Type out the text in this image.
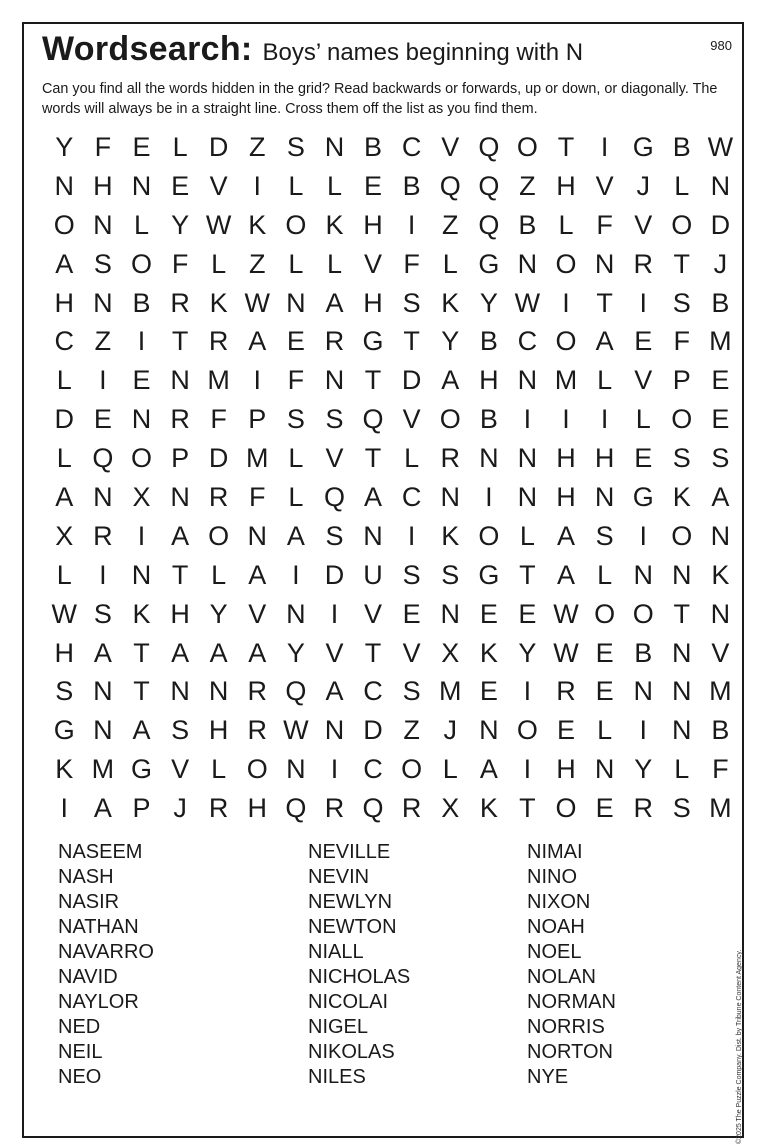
Wordsearch: Boys’ names beginning with N	980
Can you find all the words hidden in the grid? Read backwards or forwards, up or down, or diagonally. The words will always be in a straight line. Cross them off the list as you find them.
Y F E L D Z S N B C V Q O T I G B W
N H N E V I	L L E B Q Q Z H V J L N
O N L Y W K O K H I Z Q B L F V O D
A S O F L Z L L V F L G N O N R T J
H N B R K W N A H S K Y W I T I S B
C Z I T R A E R G T Y B C O A E F M
L	I E N M I F N T D A H N M L V P E
D E N R F P S S Q V O B I	I	I	L O E
L Q O P D M L V T L R N N H H E S S
A N X N R F L Q A C N I N H N G K A
X R I A O N A S N I K O L A S I O N
L	I N T L A I D U S S G T A L N N K
W S K H Y V N I V E N E E W O O T N
H A T A A A Y V T V X K Y W E B N V
S N T N N R Q A C S M E I R E N N M
G N A S H R W N D Z J N O E L	I N B
K M G V L O N I C O L A I H N Y L F
I A P J R H Q R Q R X K T O E R S M
NASEEM
NASH
NASIR
NATHAN
NAVARRO
NAVID
NAYLOR
NED
NEIL
NEO
NEVILLE
NEVIN
NEWLYN
NEWTON
NIALL
NICHOLAS
NICOLAI
NIGEL
NIKOLAS
NILES
NIMAI
NINO
NIXON
NOAH
NOEL
NOLAN
NORMAN
NORRIS
NORTON
NYE	©2025 The Puzzle Company. Dist. by Tribune Content Agency.
